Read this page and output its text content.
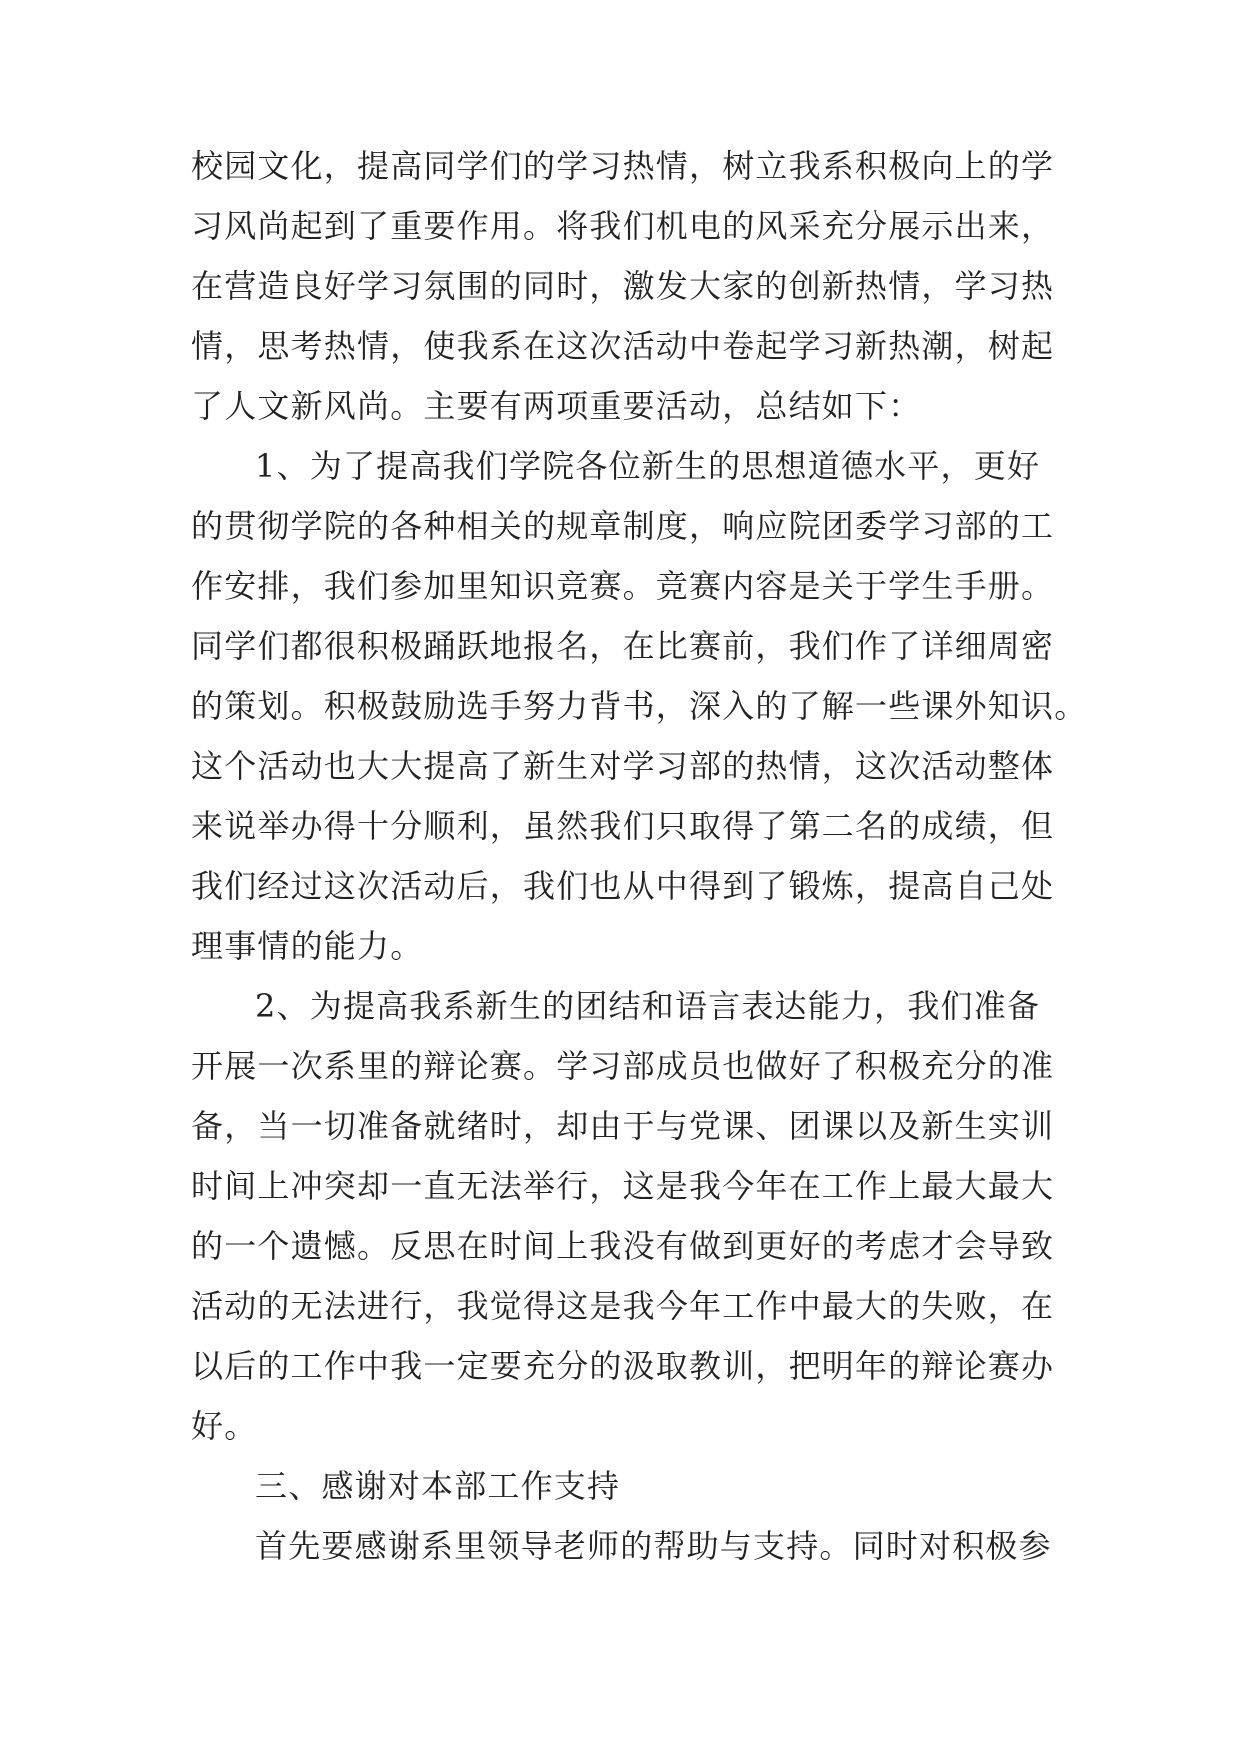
校园文化，提高同学们的学习热情，树立我系积极向上的学
习风尚起到了重要作用。将我们机电的风采充分展示出来，
在营造良好学习氛围的同时，激发大家的创新热情，学习热
情，思考热情，使我系在这次活动中卷起学习新热潮，树起
了人文新风尚。主要有两项重要活动，总结如下：
1、为了提高我们学院各位新生的思想道德水平，更好
的贯彻学院的各种相关的规章制度，响应院团委学习部的工
作安排，我们参加里知识竞赛。竞赛内容是关于学生手册。
同学们都很积极踊跃地报名，在比赛前，我们作了详细周密
的策划。积极鼓励选手努力背书，深入的了解一些课外知识。
这个活动也大大提高了新生对学习部的热情，这次活动整体
来说举办得十分顺利，虽然我们只取得了第二名的成绩，但
我们经过这次活动后，我们也从中得到了锻炼，提高自己处
理事情的能力。
2、为提高我系新生的团结和语言表达能力，我们准备
开展一次系里的辩论赛。学习部成员也做好了积极充分的准
备，当一切准备就绪时，却由于与党课、团课以及新生实训
时间上冲突却一直无法举行，这是我今年在工作上最大最大
的一个遗憾。反思在时间上我没有做到更好的考虑才会导致
活动的无法进行，我觉得这是我今年工作中最大的失败，在
以后的工作中我一定要充分的汲取教训，把明年的辩论赛办
好。
三、感谢对本部工作支持
首先要感谢系里领导老师的帮助与支持。同时对积极参
